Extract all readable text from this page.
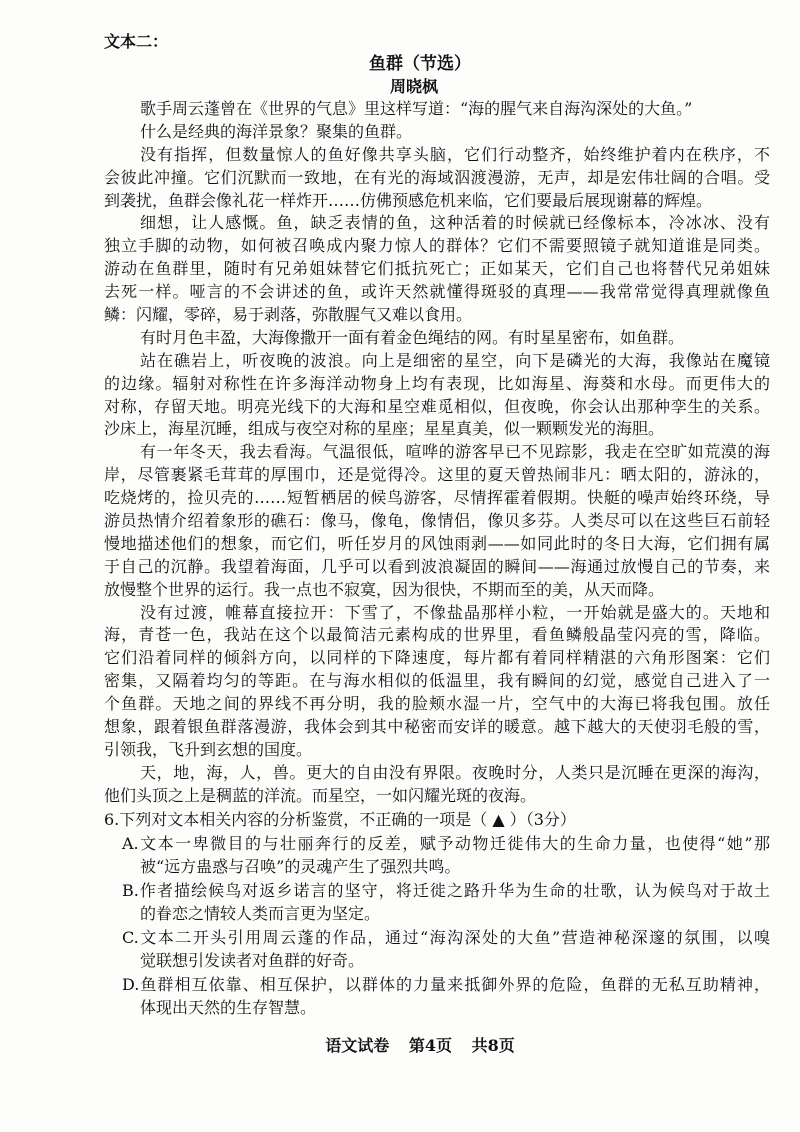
文本二：
鱼群（节选）
周晓枫
歌手周云蓬曾在《世界的气息》里这样写道：“海的腥气来自海沟深处的大鱼。”
什么是经典的海洋景象？聚集的鱼群。
没有指挥，但数量惊人的鱼好像共享头脑，它们行动整齐，始终维护着内在秩序，不
会彼此冲撞。它们沉默而一致地，在有光的海域泅渡漫游，无声，却是宏伟壮阔的合唱。受
到袭扰，鱼群会像礼花一样炸开……仿佛预感危机来临，它们要最后展现谢幕的辉煌。
细想，让人感慨。鱼，缺乏表情的鱼，这种活着的时候就已经像标本，冷冰冰、没有
独立手脚的动物，如何被召唤成内聚力惊人的群体？它们不需要照镜子就知道谁是同类。
游动在鱼群里，随时有兄弟姐妹替它们抵抗死亡；正如某天，它们自己也将替代兄弟姐妹
去死一样。哑言的不会讲述的鱼，或许天然就懂得斑驳的真理——我常常觉得真理就像鱼
鳞：闪耀，零碎，易于剥落，弥散腥气又难以食用。
有时月色丰盈，大海像撒开一面有着金色绳结的网。有时星星密布，如鱼群。
站在礁岩上，听夜晚的波浪。向上是细密的星空，向下是磷光的大海，我像站在魔镜
的边缘。辐射对称性在许多海洋动物身上均有表现，比如海星、海葵和水母。而更伟大的
对称，存留天地。明亮光线下的大海和星空难觅相似，但夜晚，你会认出那种孪生的关系。
沙床上，海星沉睡，组成与夜空对称的星座；星星真美，似一颗颗发光的海胆。
有一年冬天，我去看海。气温很低，喧哗的游客早已不见踪影，我走在空旷如荒漠的海
岸，尽管裹紧毛茸茸的厚围巾，还是觉得冷。这里的夏天曾热闹非凡：晒太阳的，游泳的，
吃烧烤的，捡贝壳的……短暂栖居的候鸟游客，尽情挥霍着假期。快艇的噪声始终环绕，导
游员热情介绍着象形的礁石：像马，像龟，像情侣，像贝多芬。人类尽可以在这些巨石前轻
慢地描述他们的想象，而它们，听任岁月的风蚀雨剥——如同此时的冬日大海，它们拥有属
于自己的沉静。我望着海面，几乎可以看到波浪凝固的瞬间——海通过放慢自己的节奏，来
放慢整个世界的运行。我一点也不寂寞，因为很快，不期而至的美，从天而降。
没有过渡，帷幕直接拉开：下雪了，不像盐晶那样小粒，一开始就是盛大的。天地和
海，青苍一色，我站在这个以最简洁元素构成的世界里，看鱼鳞般晶莹闪亮的雪，降临。
它们沿着同样的倾斜方向，以同样的下降速度，每片都有着同样精湛的六角形图案：它们
密集，又隔着均匀的等距。在与海水相似的低温里，我有瞬间的幻觉，感觉自己进入了一
个鱼群。天地之间的界线不再分明，我的脸颊水湿一片，空气中的大海已将我包围。放任
想象，跟着银鱼群落漫游，我体会到其中秘密而安详的暖意。越下越大的天使羽毛般的雪，
引领我，飞升到玄想的国度。
天，地，海，人，兽。更大的自由没有界限。夜晚时分，人类只是沉睡在更深的海沟，
他们头顶之上是稠蓝的洋流。而星空，一如闪耀光斑的夜海。
6.下列对文本相关内容的分析鉴赏，不正确的一项是（ ▲ ）（3分）
A.文本一卑微目的与壮丽奔行的反差，赋予动物迁徙伟大的生命力量，也使得“她”那
被“远方蛊惑与召唤”的灵魂产生了强烈共鸣。
B.作者描绘候鸟对返乡诺言的坚守，将迁徙之路升华为生命的壮歌，认为候鸟对于故土
的眷恋之情较人类而言更为坚定。
C.文本二开头引用周云蓬的作品，通过“海沟深处的大鱼”营造神秘深邃的氛围，以嗅
觉联想引发读者对鱼群的好奇。
D.鱼群相互依靠、相互保护，以群体的力量来抵御外界的危险，鱼群的无私互助精神，
体现出天然的生存智慧。
语文试卷 第4页 共8页
